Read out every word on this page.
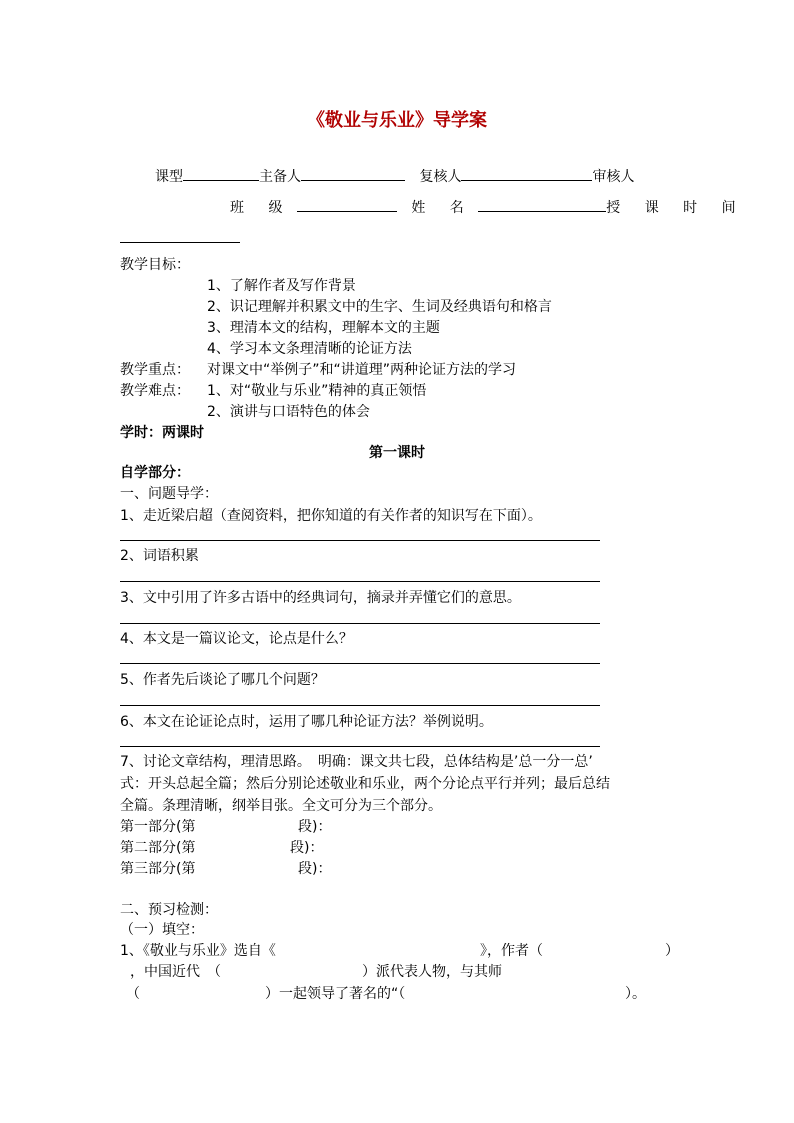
《敬业与乐业》导学案
课型	主备人	复核人	审核人
班 级	姓 名	授 课 时 间
教学目标：
1、了解作者及写作背景
2、识记理解并积累文中的生字、生词及经典语句和格言
3、理清本文的结构，理解本文的主题
4、学习本文条理清晰的论证方法
教学重点： 对课文中“举例子”和“讲道理”两种论证方法的学习
教学难点： 1、对“敬业与乐业”精神的真正领悟
2、演讲与口语特色的体会
学时：两课时
第一课时
自学部分：
一、问题导学：
1、走近梁启超（查阅资料，把你知道的有关作者的知识写在下面）。
2、词语积累
3、文中引用了许多古语中的经典词句，摘录并弄懂它们的意思。
4、本文是一篇议论文，论点是什么？
5、作者先后谈论了哪几个问题？
6、本文在论证论点时，运用了哪几种论证方法？举例说明。
7、讨论文章结构，理清思路。　明确：课文共七段，总体结构是’总一分一总’
式：开头总起全篇；然后分别论述敬业和乐业，两个分论点平行并列；最后总结
全篇。条理清晰，纲举目张。全文可分为三个部分。
第一部分(第	段)：
第二部分(第	段)：
第三部分(第	段)：
二、预习检测：
（一）填空：
1、《敬业与乐业》选自《	》，作者（	）
，中国近代　（	）派代表人物，与其师
（	）一起领导了著名的“（	）。
